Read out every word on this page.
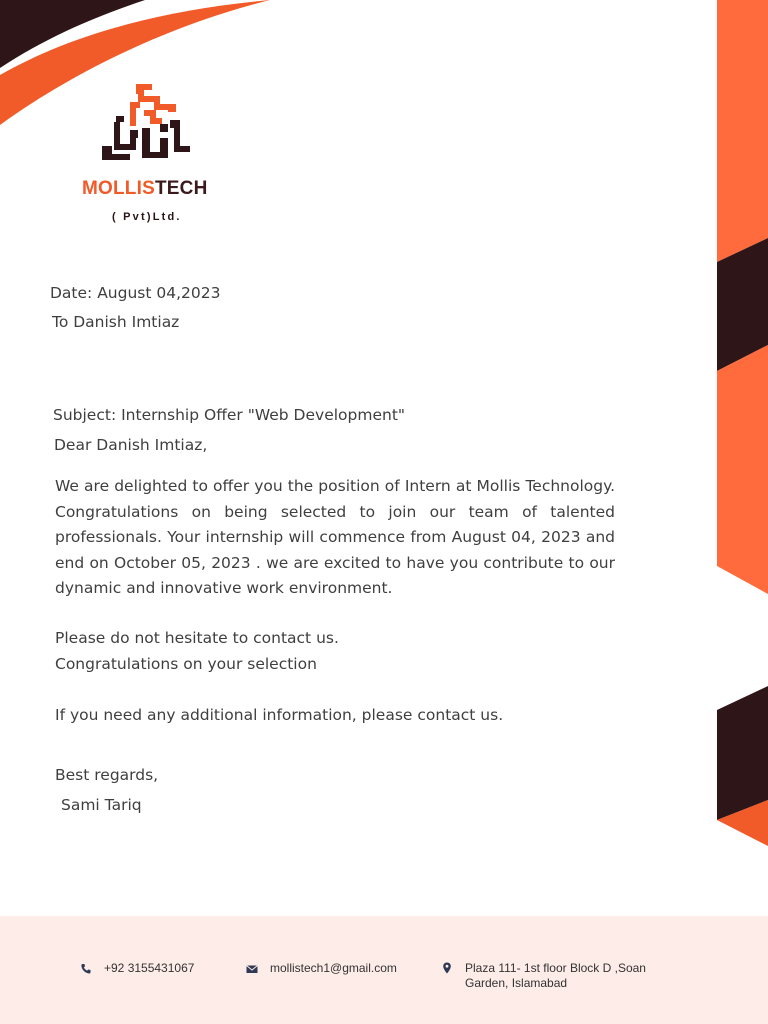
MOLLISTECH
( Pvt)Ltd.
Date: August 04,2023
To Danish Imtiaz
Subject: Internship Offer "Web Development"
Dear Danish Imtiaz,
We are delighted to offer you the position of Intern at Mollis Technology. Congratulations on being selected to join our team of talented professionals. Your internship will commence from August 04, 2023 and end on October 05, 2023 . we are excited to have you contribute to our dynamic and innovative work environment.
Please do not hesitate to contact us.
Congratulations on your selection
If you need any additional information, please contact us.
Best regards,
Sami Tariq
+92 3155431067	mollistech1@gmail.com	Plaza 111- 1st floor Block D ,Soan
Garden, Islamabad
